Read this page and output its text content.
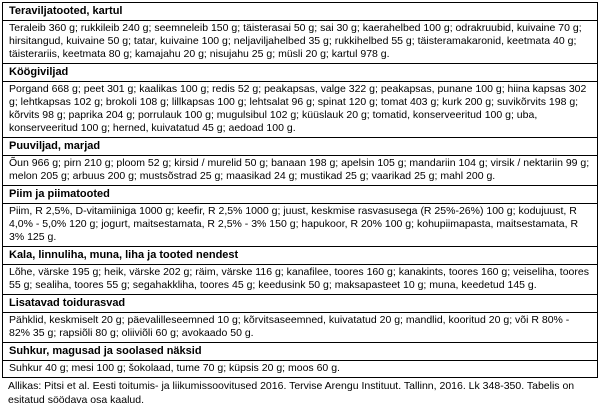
Teraviljatooted, kartul
Teraleib 360 g; rukkileib 240 g; seemneleib 150 g; täisterasai 50 g; sai 30 g; kaerahelbed 100 g; odrakruubid, kuivaine 70 g; hirsitangud, kuivaine 50 g; tatar, kuivaine 100 g; neljaviljahelbed 35 g; rukkihelbed 55 g; täisteramakaronid, keetmata 40 g; täisterariis, keetmata 80 g; kamajahu 20 g; nisujahu 25 g; müsli 20 g; kartul 978 g.
Köögiviljad
Porgand 668 g; peet 301 g; kaalikas 100 g; redis 52 g; peakapsas, valge 322 g; peakapsas, punane 100 g; hiina kapsas 302 g; lehtkapsas 102 g; brokoli 108 g; lillkapsas 100 g; lehtsalat 96 g; spinat 120 g; tomat 403 g; kurk 200 g; suvikõrvits 198 g; kõrvits 98 g; paprika 204 g; porrulauk 100 g; mugulsibul 102 g; küüslauk 20 g; tomatid, konserveeritud 100 g; uba, konserveeritud 100 g; herned, kuivatatud 45 g; aedoad 100 g.
Puuviljad, marjad
Õun 966 g; pirn 210 g; ploom 52 g; kirsid / murelid 50 g; banaan 198 g; apelsin 105 g; mandariin 104 g; virsik / nektariin 99 g; melon 205 g; arbuus 200 g; mustsõstrad 25 g; maasikad 24 g; mustikad 25 g; vaarikad 25 g; mahl 200 g.
Piim ja piimatooted
Piim, R 2,5%, D-vitamiiniga 1000 g; keefir, R 2,5% 1000 g; juust, keskmise rasvasusega (R 25%-26%) 100 g; kodujuust, R 4,0% - 5,0% 120 g; jogurt, maitsestamata, R 2,5% - 3% 150 g; hapukoor, R 20% 100 g; kohupiimapasta, maitsestamata, R 3% 125 g.
Kala, linnuliha, muna, liha ja tooted nendest
Lõhe, värske 195 g; heik, värske 202 g; räim, värske 116 g; kanafilee, toores 160 g; kanakints, toores 160 g; veiseliha, toores 55 g; sealiha, toores 55 g; segahakkliha, toores 45 g; keedusink 50 g; maksapasteet 10 g; muna, keedetud 145 g.
Lisatavad toidurasvad
Pähklid, keskmiselt 20 g; päevalilleseemned 10 g; kõrvitsaseemned, kuivatatud 20 g; mandlid, kooritud 20 g; või R 80% - 82% 35 g; rapsiõli 80 g; oliiviõli 60 g; avokaado 50 g.
Suhkur, magusad ja soolased näksid
Suhkur 40 g; mesi 100 g; šokolaad, tume 70 g; küpsis 20 g; moos 60 g.
Allikas: Pitsi et al. Eesti toitumis- ja liikumissoovitused 2016. Tervise Arengu Instituut. Tallinn, 2016. Lk 348-350. Tabelis on esitatud söödava osa kaalud.
